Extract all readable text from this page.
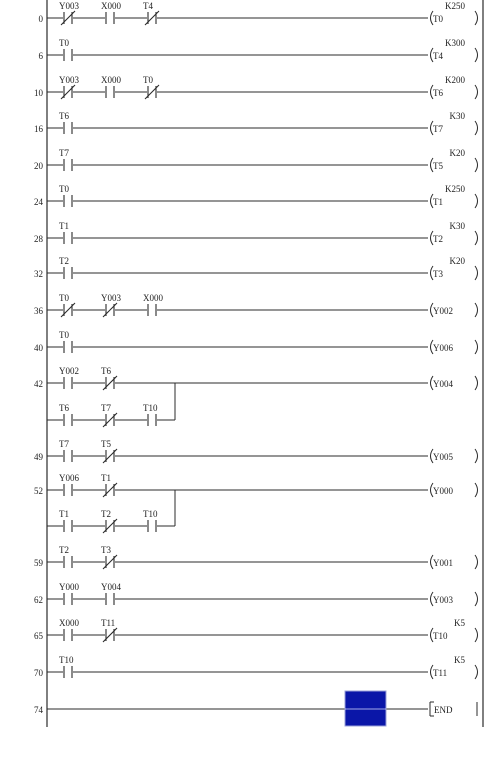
0
Y003 X000 T4
T0
K250
6
T0
T4
K300
10
Y003 X000 T0
T6
K200
16
T6
T7
K30
20
T7
T5
K20
24
T0
T1
K250
28
T1
T2
K30
32
T2
T3
K20
36
T0	Y003 X000
Y002
40
T0
Y006
42
Y002 T6
T6	T7	T10
Y004
49
T7	T5
Y005
52
Y006 T1
T1	T2	T10
Y000
59
T2	T3
Y001
62
Y000 Y004
Y003
65
X000 T11
T10
K5
70
T10
T11
K5
74	END
